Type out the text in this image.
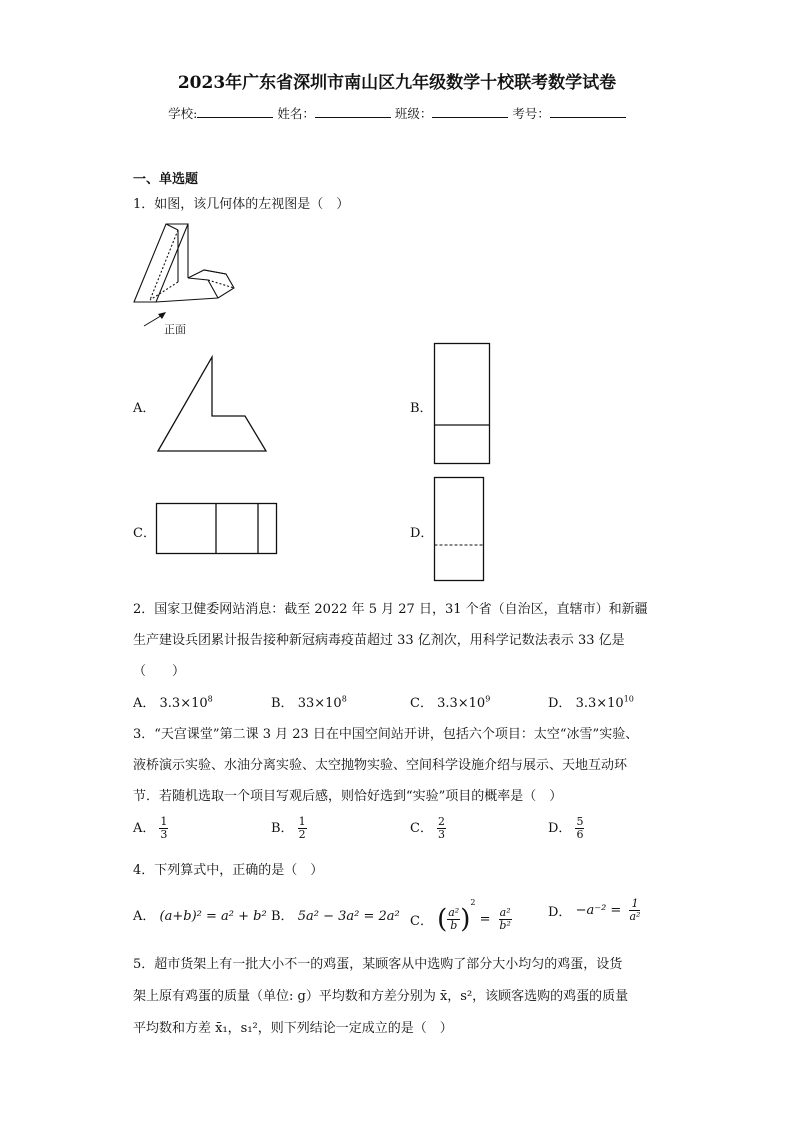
2023年广东省深圳市南山区九年级数学十校联考数学试卷
学校:	姓名：	班级：	考号：
一、单选题
1．如图，该几何体的左视图是（　）
正面
A．	B．
C．	D．
2．国家卫健委网站消息：截至 2022 年 5 月 27 日，31 个省（自治区，直辖市）和新疆
生产建设兵团累计报告接种新冠病毒疫苗超过 33 亿剂次，用科学记数法表示 33 亿是
（　　）
A． $3.3\times 10^8$	B． $33\times 10^8$	C． $3.3\times 10^9$	D． $3.3\times 10^{10}$
3．“天宫课堂”第二课 3 月 23 日在中国空间站开讲，包括六个项目：太空“冰雪”实验、
液桥演示实验、水油分离实验、太空抛物实验、空间科学设施介绍与展示、天地互动环
节．若随机选取一个项目写观后感，则恰好选到“实验”项目的概率是（　）
A． $\frac{1}{3}$	B． $\frac{1}{2}$	C． $\frac{2}{3}$	D． $\frac{5}{6}$
4．下列算式中，正确的是（　）
A． (a+b)² = a² + b² B． 5a² − 3a² = 2a² C． ( $\frac{\text{a²}}{b} )^2 = \frac{\text{a²}}{\text{b²}}$	D． $-a^{-2} = \frac{1}{\text{a²}}$
5．超市货架上有一批大小不一的鸡蛋，某顾客从中选购了部分大小均匀的鸡蛋，设货
架上原有鸡蛋的质量（单位: g）平均数和方差分别为 x̄，s²，该顾客选购的鸡蛋的质量
平均数和方差 x̄₁，s₁²，则下列结论一定成立的是（　）
